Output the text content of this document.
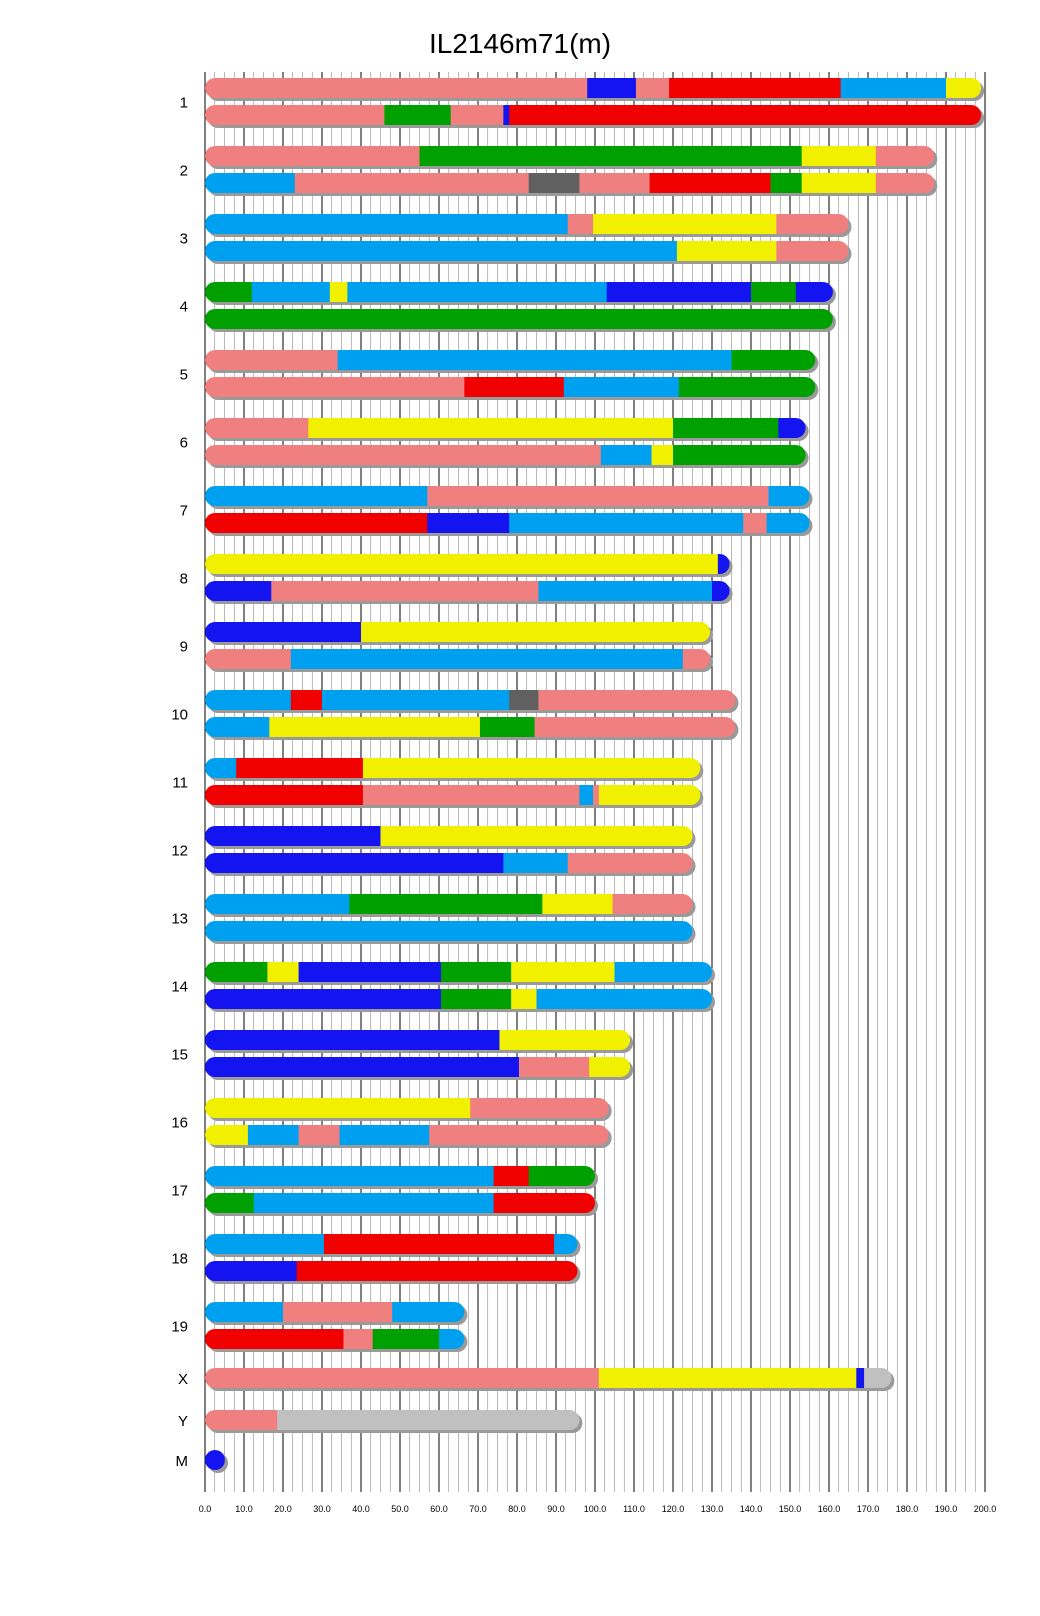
IL2146m71(m)
1
2
3
4
5
6
7
8
9
10
11
12
13
14
15
16
17
18
19
X
Y
M
0.0	10.0 20.0 30.0 40.0 50.0 60.0 70.0 80.0 90.0 100.0 110.0 120.0 130.0 140.0 150.0 160.0 170.0 180.0 190.0 200.0
